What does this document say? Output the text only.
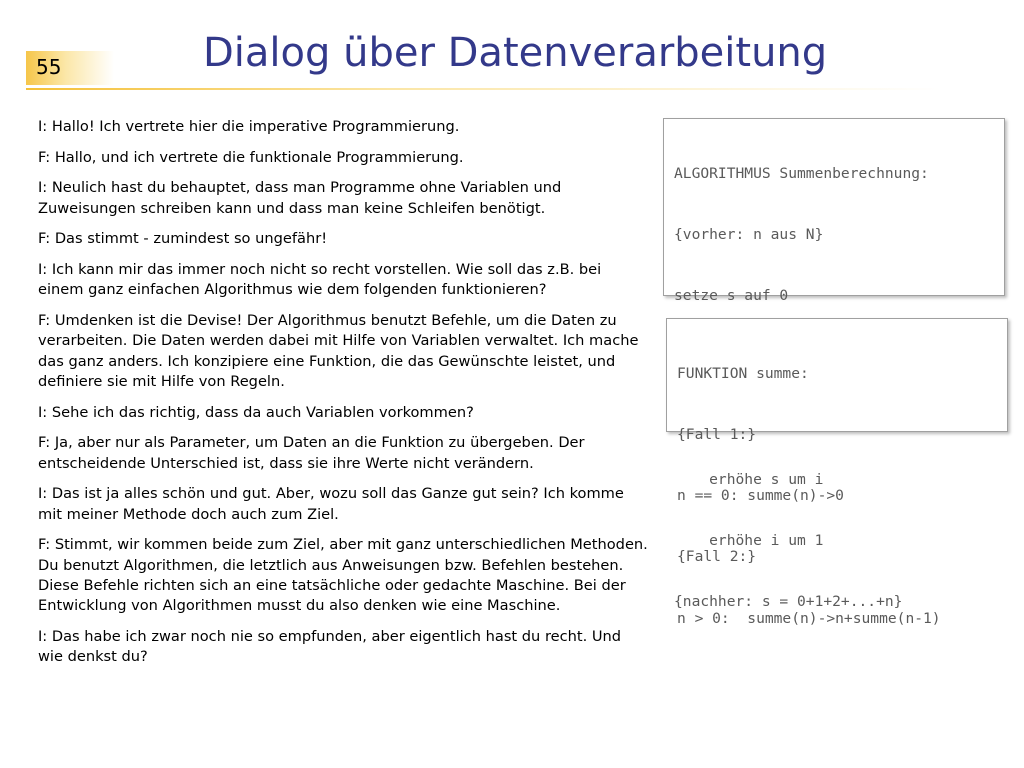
55	Dialog über Datenverarbeitung

I: Hallo! Ich vertrete hier die imperative Programmierung.

F: Hallo, und ich vertrete die funktionale Programmierung.

I: Neulich hast du behauptet, dass man Programme ohne Variablen und Zuweisungen schreiben kann und dass man keine Schleifen benötigt.

F: Das stimmt - zumindest so ungefähr!

I: Ich kann mir das immer noch nicht so recht vorstellen. Wie soll das z.B. bei einem ganz einfachen Algorithmus wie dem folgenden funktionieren?

F: Umdenken ist die Devise! Der Algorithmus benutzt Befehle, um die Daten zu verarbeiten. Die Daten werden dabei mit Hilfe von Variablen verwaltet. Ich mache das ganz anders. Ich konzipiere eine Funktion, die das Gewünschte leistet, und definiere sie mit Hilfe von Regeln.

I: Sehe ich das richtig, dass da auch Variablen vorkommen?

F: Ja, aber nur als Parameter, um Daten an die Funktion zu übergeben. Der entscheidende Unterschied ist, dass sie ihre Werte nicht verändern.

I: Das ist ja alles schön und gut. Aber, wozu soll das Ganze gut sein? Ich komme mit meiner Methode doch auch zum Ziel.

F: Stimmt, wir kommen beide zum Ziel, aber mit ganz unterschiedlichen Methoden. Du benutzt Algorithmen, die letztlich aus Anweisungen bzw. Befehlen bestehen. Diese Befehle richten sich an eine tatsächliche oder gedachte Maschine. Bei der Entwicklung von Algorithmen musst du also denken wie eine Maschine.

I: Das habe ich zwar noch nie so empfunden, aber eigentlich hast du recht. Und wie denkst du?

ALGORITHMUS Summenberechnung:

{vorher: n aus N}

setze s auf 0

erhöhe s um i

erhöhe i um 1

{nachher: s = 0+1+2+...+n}

FUNKTION summe:

{Fall 1:}

n == 0: summe(n)->0

{Fall 2:}

n > 0:  summe(n)->n+summe(n-1)
